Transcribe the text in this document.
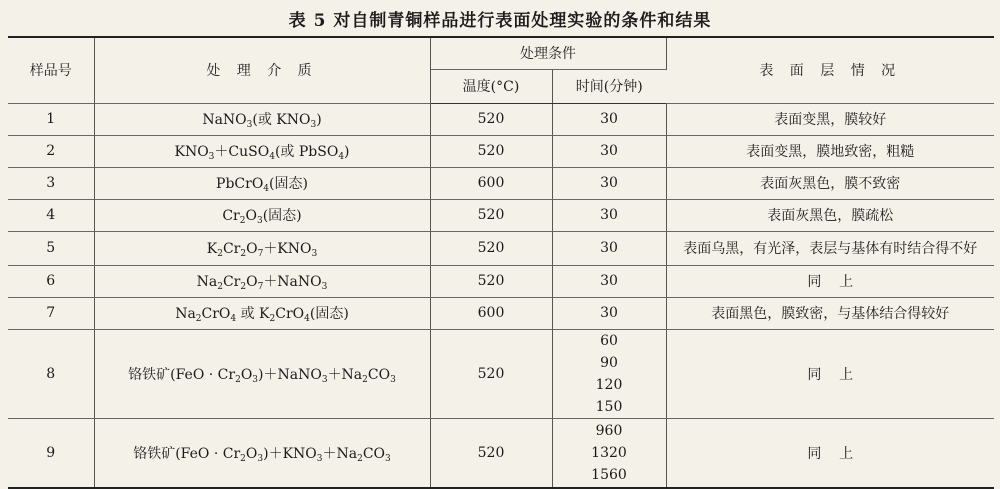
表 5 对自制青铜样品进行表面处理实验的条件和结果
样品号	处 理 介 质	处理条件		表 面 层 情 况
		温度(°C)	时间(分钟)	
1	NaNO$_3$(或 $KNO_3$)	520	30	表面变黑，膜较好
2	$KNO_3+CuSO_4$(或 PbSO$_4$)	520	30	表面变黑，膜地致密，粗糙
3	PbCrO$_4$(固态)	600	30	表面灰黑色，膜不致密
4	$Cr_2O_3$(固态)	520	30	表面灰黑色，膜疏松
5	$K_2Cr_2O_7+KNO_3$	520	30	表面乌黑，有光泽，表层与基体有时结合得不好
6	$Na_2Cr_2O_7+NaNO_3$	520	30	同    上
7	$Na_2CrO_4$ 或 $K_2CrO_4$(固态)	600	30	表面黑色，膜致密，与基体结合得较好
8	铬铁矿$(FeO \cdot Cr_2O_3)+NaNO_3+Na_2CO_3$	520	60
90
120
150	同    上
9	铬铁矿$(FeO \cdot Cr_2O_3)+KNO_3+Na_2CO_3$	520	960
1320
1560	同    上
